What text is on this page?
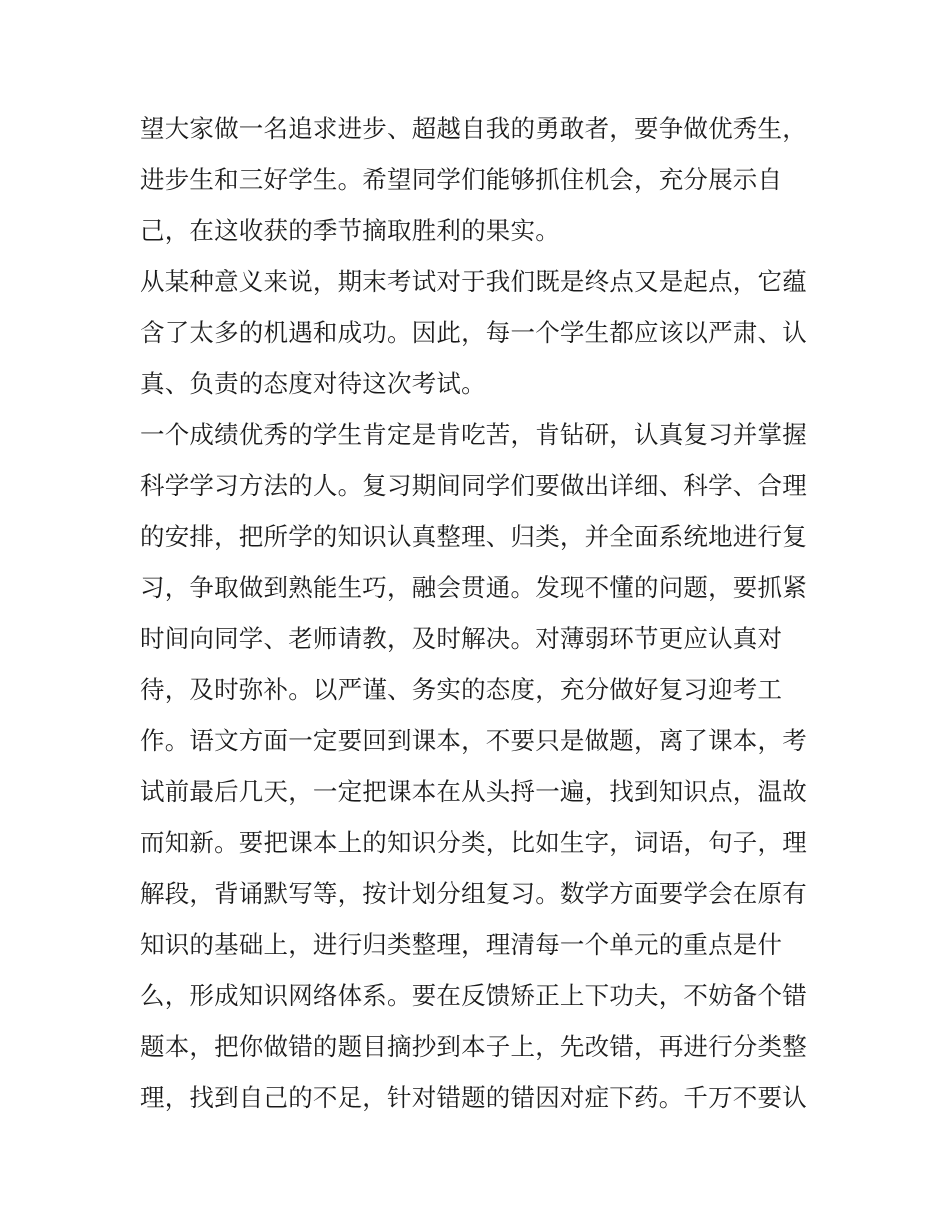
望大家做一名追求进步、超越自我的勇敢者，要争做优秀生，
进步生和三好学生。希望同学们能够抓住机会，充分展示自
己，在这收获的季节摘取胜利的果实。
从某种意义来说，期末考试对于我们既是终点又是起点，它蕴
含了太多的机遇和成功。因此，每一个学生都应该以严肃、认
真、负责的态度对待这次考试。
一个成绩优秀的学生肯定是肯吃苦，肯钻研，认真复习并掌握
科学学习方法的人。复习期间同学们要做出详细、科学、合理
的安排，把所学的知识认真整理、归类，并全面系统地进行复
习，争取做到熟能生巧，融会贯通。发现不懂的问题，要抓紧
时间向同学、老师请教，及时解决。对薄弱环节更应认真对
待，及时弥补。以严谨、务实的态度，充分做好复习迎考工
作。语文方面一定要回到课本，不要只是做题，离了课本，考
试前最后几天，一定把课本在从头捋一遍，找到知识点，温故
而知新。要把课本上的知识分类，比如生字，词语，句子，理
解段，背诵默写等，按计划分组复习。数学方面要学会在原有
知识的基础上，进行归类整理，理清每一个单元的重点是什
么，形成知识网络体系。要在反馈矫正上下功夫，不妨备个错
题本，把你做错的题目摘抄到本子上，先改错，再进行分类整
理，找到自己的不足，针对错题的错因对症下药。千万不要认
